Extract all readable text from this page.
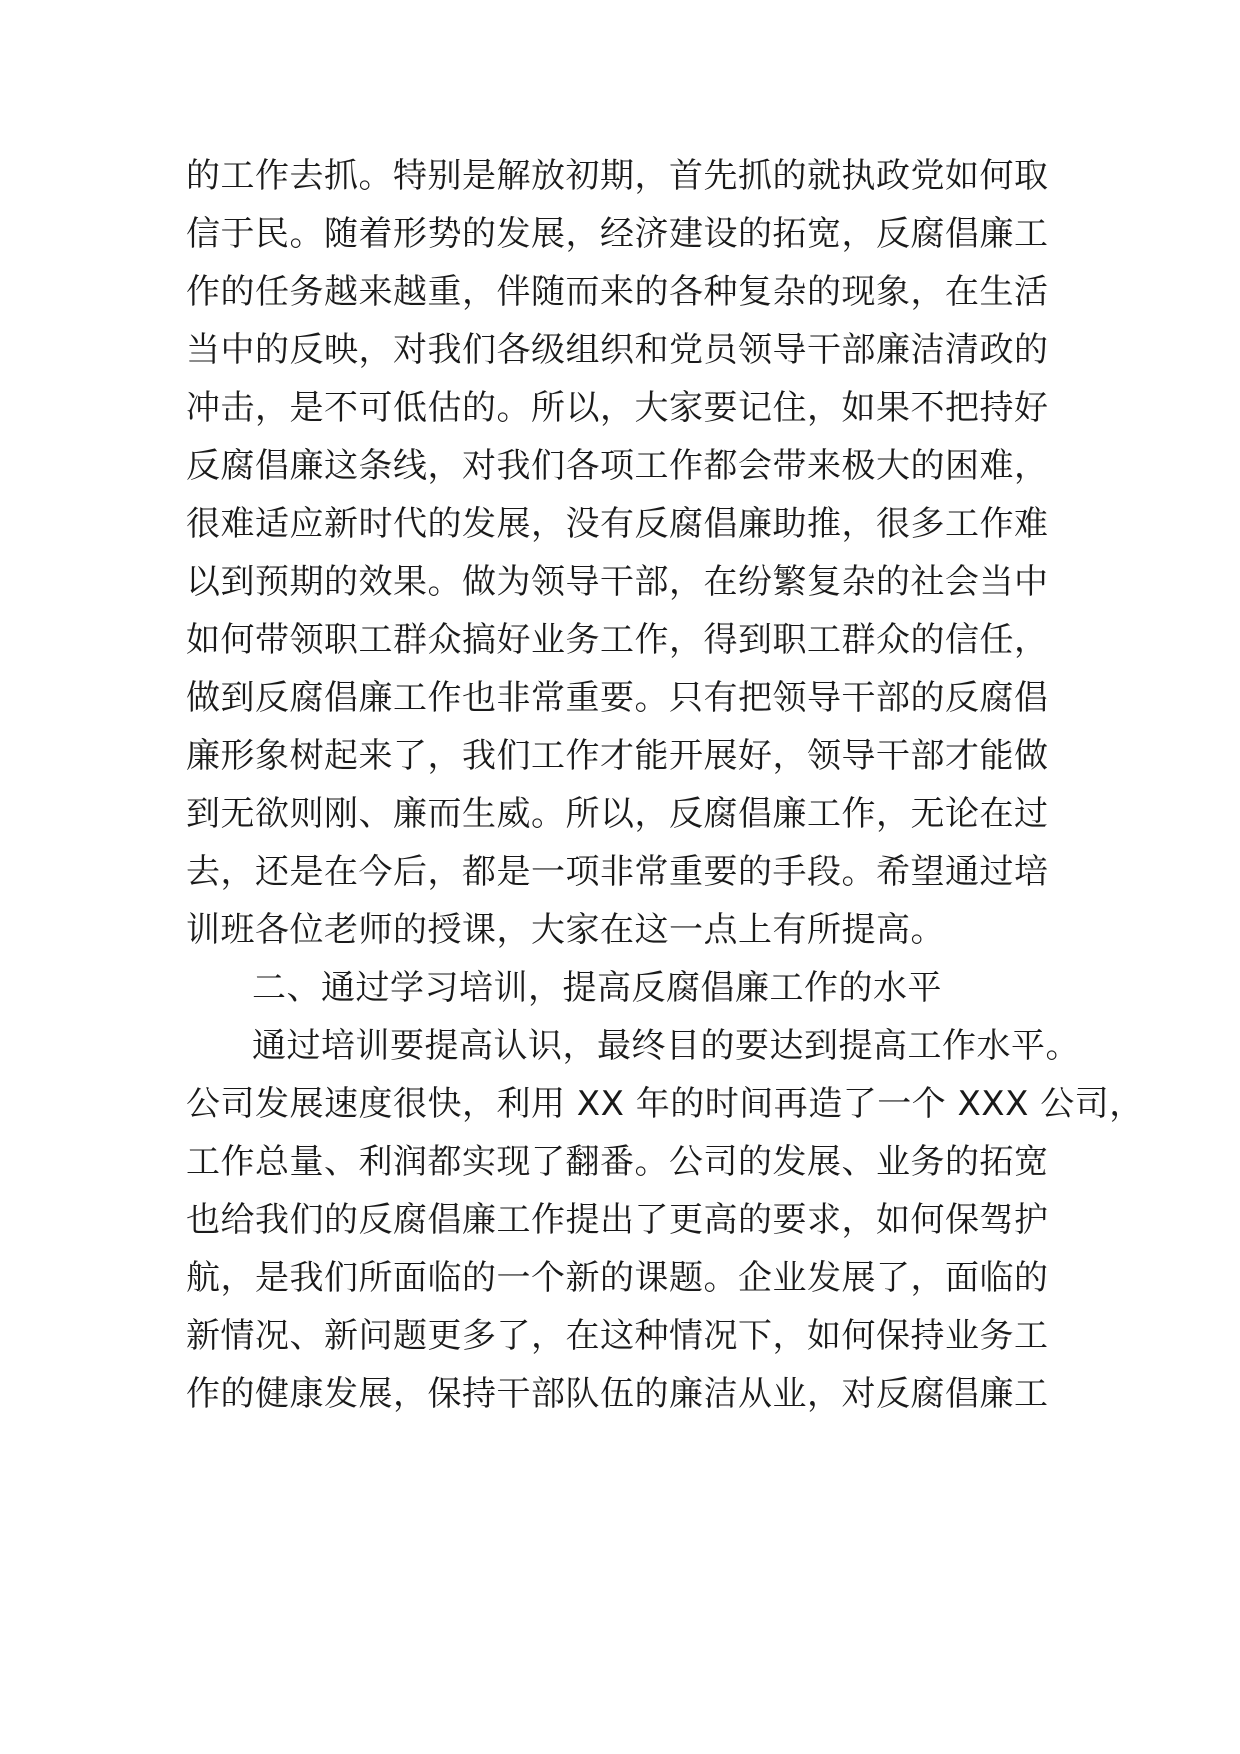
的工作去抓。特别是解放初期，首先抓的就执政党如何取
信于民。随着形势的发展，经济建设的拓宽，反腐倡廉工
作的任务越来越重，伴随而来的各种复杂的现象，在生活
当中的反映，对我们各级组织和党员领导干部廉洁清政的
冲击，是不可低估的。所以，大家要记住，如果不把持好
反腐倡廉这条线，对我们各项工作都会带来极大的困难，
很难适应新时代的发展，没有反腐倡廉助推，很多工作难
以到预期的效果。做为领导干部，在纷繁复杂的社会当中
如何带领职工群众搞好业务工作，得到职工群众的信任，
做到反腐倡廉工作也非常重要。只有把领导干部的反腐倡
廉形象树起来了，我们工作才能开展好，领导干部才能做
到无欲则刚、廉而生威。所以，反腐倡廉工作，无论在过
去，还是在今后，都是一项非常重要的手段。希望通过培
训班各位老师的授课，大家在这一点上有所提高。
二、通过学习培训，提高反腐倡廉工作的水平
通过培训要提高认识，最终目的要达到提高工作水平。
公司发展速度很快，利用 XX 年的时间再造了一个 XXX 公司，
工作总量、利润都实现了翻番。公司的发展、业务的拓宽
也给我们的反腐倡廉工作提出了更高的要求，如何保驾护
航，是我们所面临的一个新的课题。企业发展了，面临的
新情况、新问题更多了，在这种情况下，如何保持业务工
作的健康发展，保持干部队伍的廉洁从业，对反腐倡廉工
